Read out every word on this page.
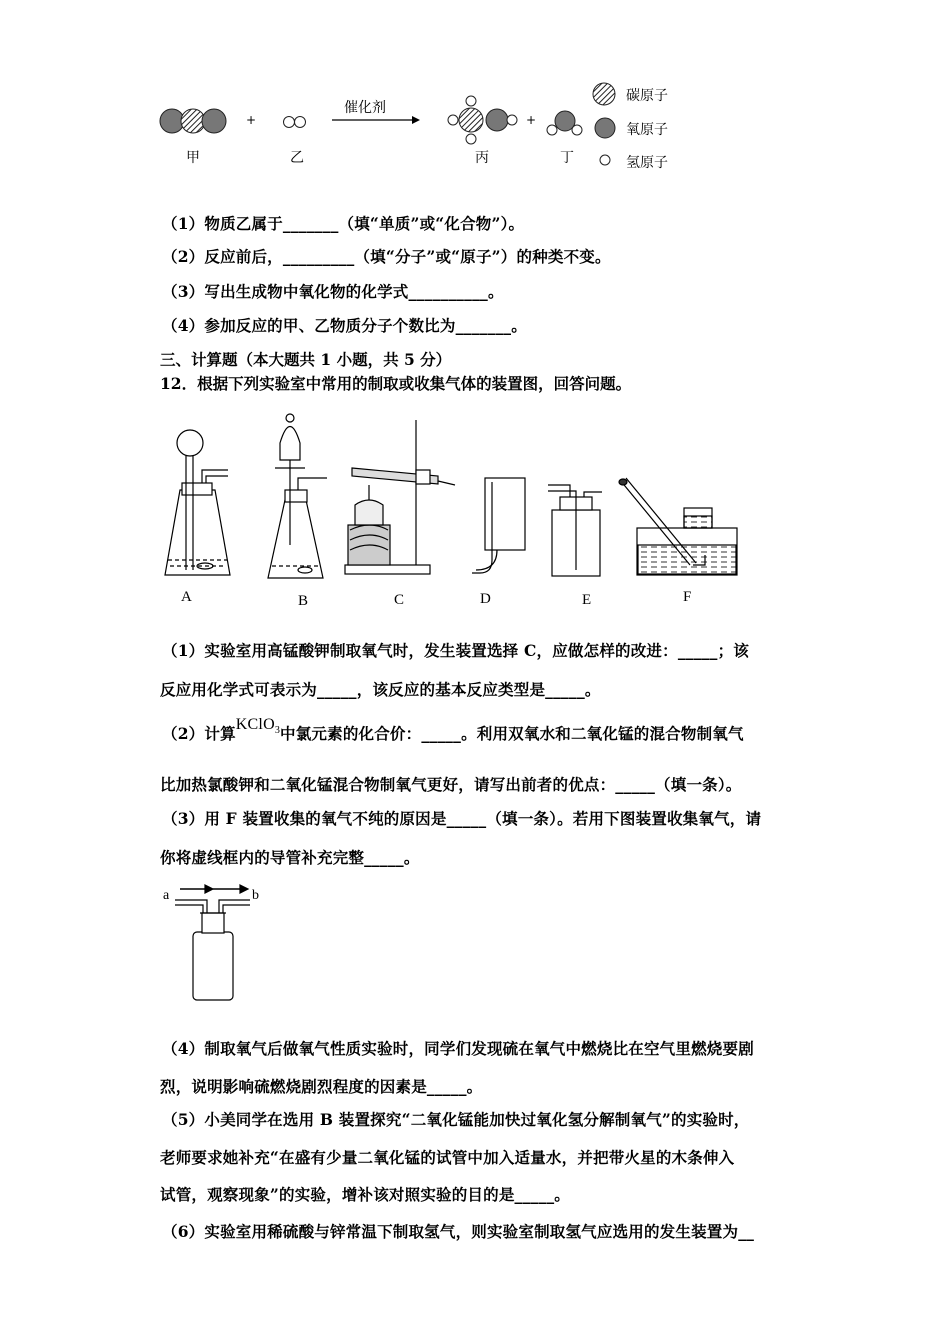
催化剂
+	+
甲	乙	丙	丁
碳原子
氧原子
氢原子
（1）物质乙属于_______（填“单质”或“化合物”）。
（2）反应前后，_________（填“分子”或“原子”）的种类不变。
（3）写出生成物中氧化物的化学式__________。
（4）参加反应的甲、乙物质分子个数比为_______。
三、计算题（本大题共 1 小题，共 5 分）
12．根据下列实验室中常用的制取或收集气体的装置图，回答问题。
A	B	C	D	E	F
（1）实验室用高锰酸钾制取氧气时，发生装置选择 C，应做怎样的改进：_____；该
反应用化学式可表示为_____，该反应的基本反应类型是_____。
（2）计算KClO$_3$中氯元素的化合价：_____。利用双氧水和二氧化锰的混合物制氧气
比加热氯酸钾和二氧化锰混合物制氧气更好，请写出前者的优点：_____（填一条）。
（3）用 F 装置收集的氧气不纯的原因是_____（填一条）。若用下图装置收集氧气，请
你将虚线框内的导管补充完整_____。
a	b
（4）制取氧气后做氧气性质实验时，同学们发现硫在氧气中燃烧比在空气里燃烧要剧
烈，说明影响硫燃烧剧烈程度的因素是_____。
（5）小美同学在选用 B 装置探究“二氧化锰能加快过氧化氢分解制氧气”的实验时，
老师要求她补充“在盛有少量二氧化锰的试管中加入适量水，并把带火星的木条伸入
试管，观察现象”的实验，增补该对照实验的目的是_____。
（6）实验室用稀硫酸与锌常温下制取氢气，则实验室制取氢气应选用的发生装置为__
